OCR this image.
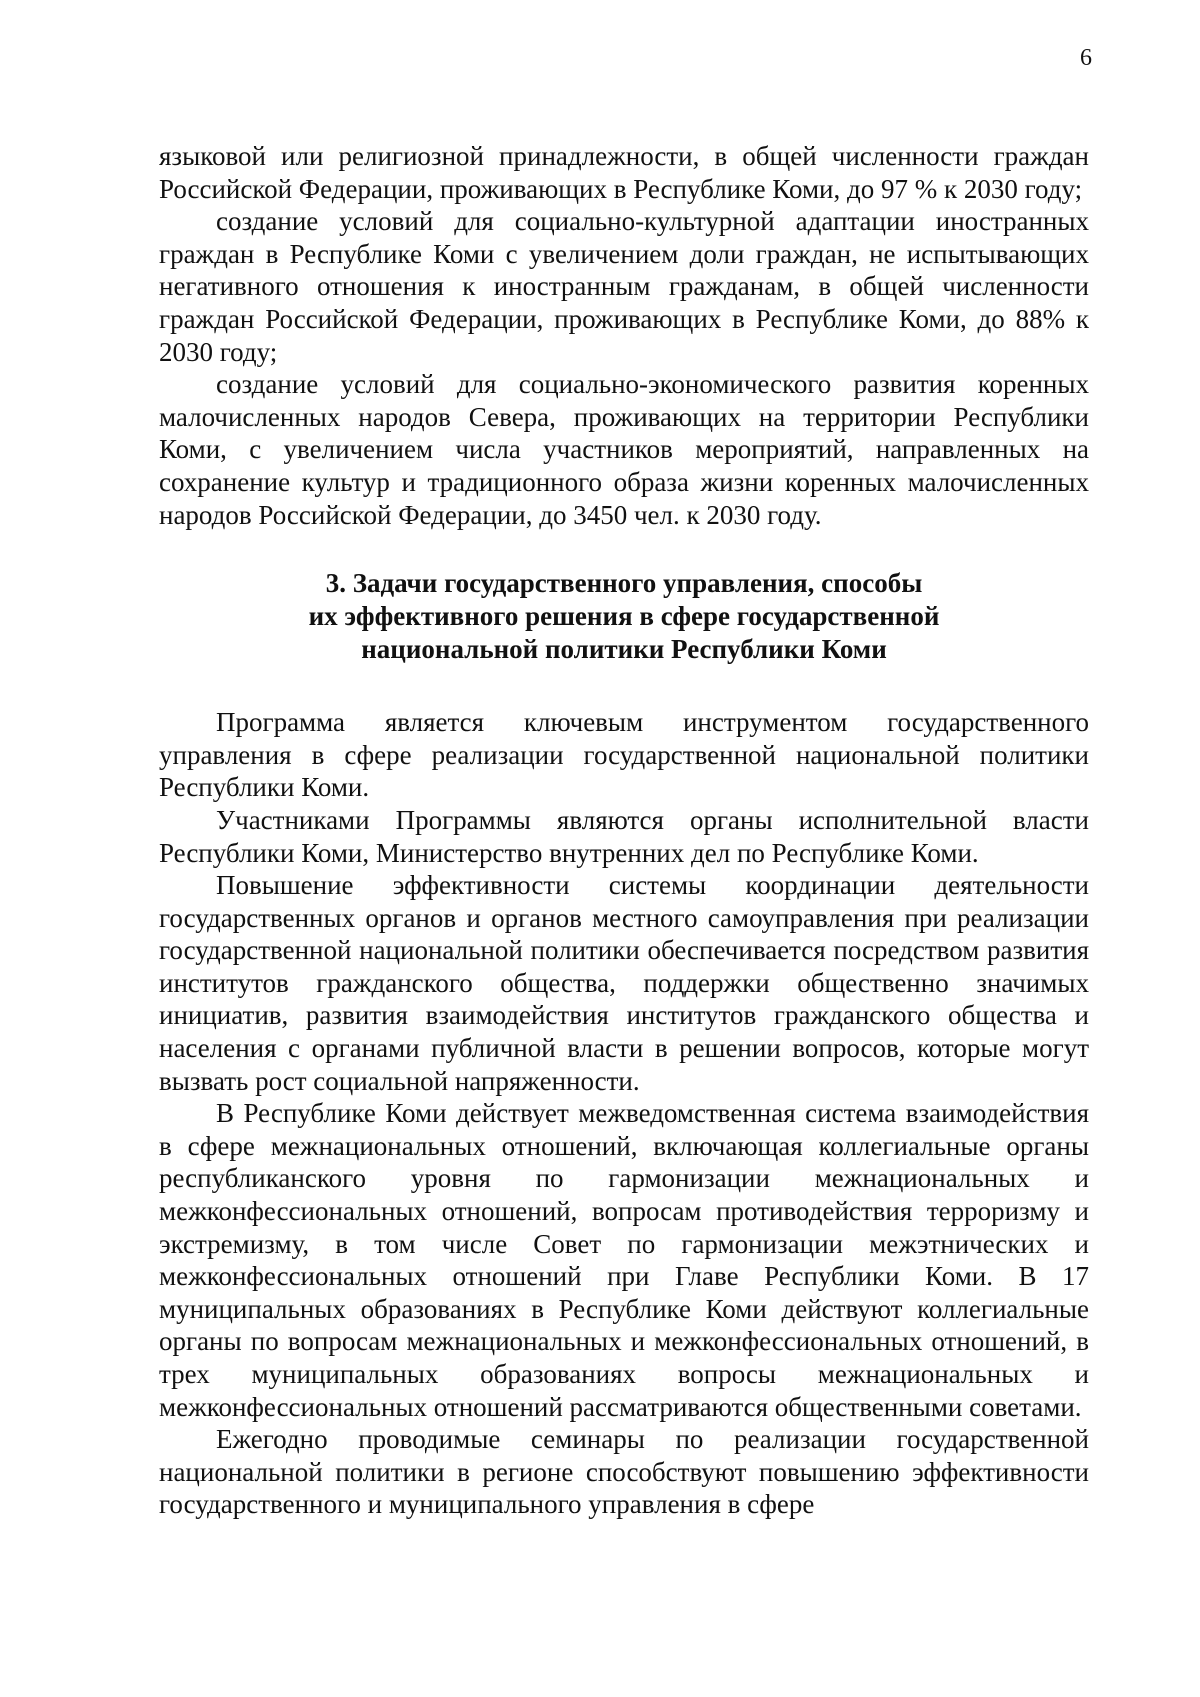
6

языковой или религиозной принадлежности, в общей численности граждан Российской Федерации, проживающих в Республике Коми, до 97 % к 2030 году;

создание условий для социально-культурной адаптации иностранных граждан в Республике Коми с увеличением доли граждан, не испытывающих негативного отношения к иностранным гражданам, в общей численности граждан Российской Федерации, проживающих в Республике Коми, до 88% к 2030 году;

создание условий для социально-экономического развития коренных малочисленных народов Севера, проживающих на территории Республики Коми, с увеличением числа участников мероприятий, направленных на сохранение культур и традиционного образа жизни коренных малочисленных народов Российской Федерации, до 3450 чел. к 2030 году.

3. Задачи государственного управления, способы
их эффективного решения в сфере государственной
национальной политики Республики Коми

Программа является ключевым инструментом государственного управления в сфере реализации государственной национальной политики Республики Коми.

Участниками Программы являются органы исполнительной власти Республики Коми, Министерство внутренних дел по Республике Коми.

Повышение эффективности системы координации деятельности государственных органов и органов местного самоуправления при реализации государственной национальной политики обеспечивается посредством развития институтов гражданского общества, поддержки общественно значимых инициатив, развития взаимодействия институтов гражданского общества и населения с органами публичной власти в решении вопросов, которые могут вызвать рост социальной напряженности.

В Республике Коми действует межведомственная система взаимодействия в сфере межнациональных отношений, включающая коллегиальные органы республиканского уровня по гармонизации межнациональных и межконфессиональных отношений, вопросам противодействия терроризму и экстремизму, в том числе Совет по гармонизации межэтнических и межконфессиональных отношений при Главе Республики Коми. В 17 муниципальных образованиях в Республике Коми действуют коллегиальные органы по вопросам межнациональных и межконфессиональных отношений, в трех муниципальных образованиях вопросы межнациональных и межконфессиональных отношений рассматриваются общественными советами.

Ежегодно проводимые семинары по реализации государственной национальной политики в регионе способствуют повышению эффективности государственного и муниципального управления в сфере
